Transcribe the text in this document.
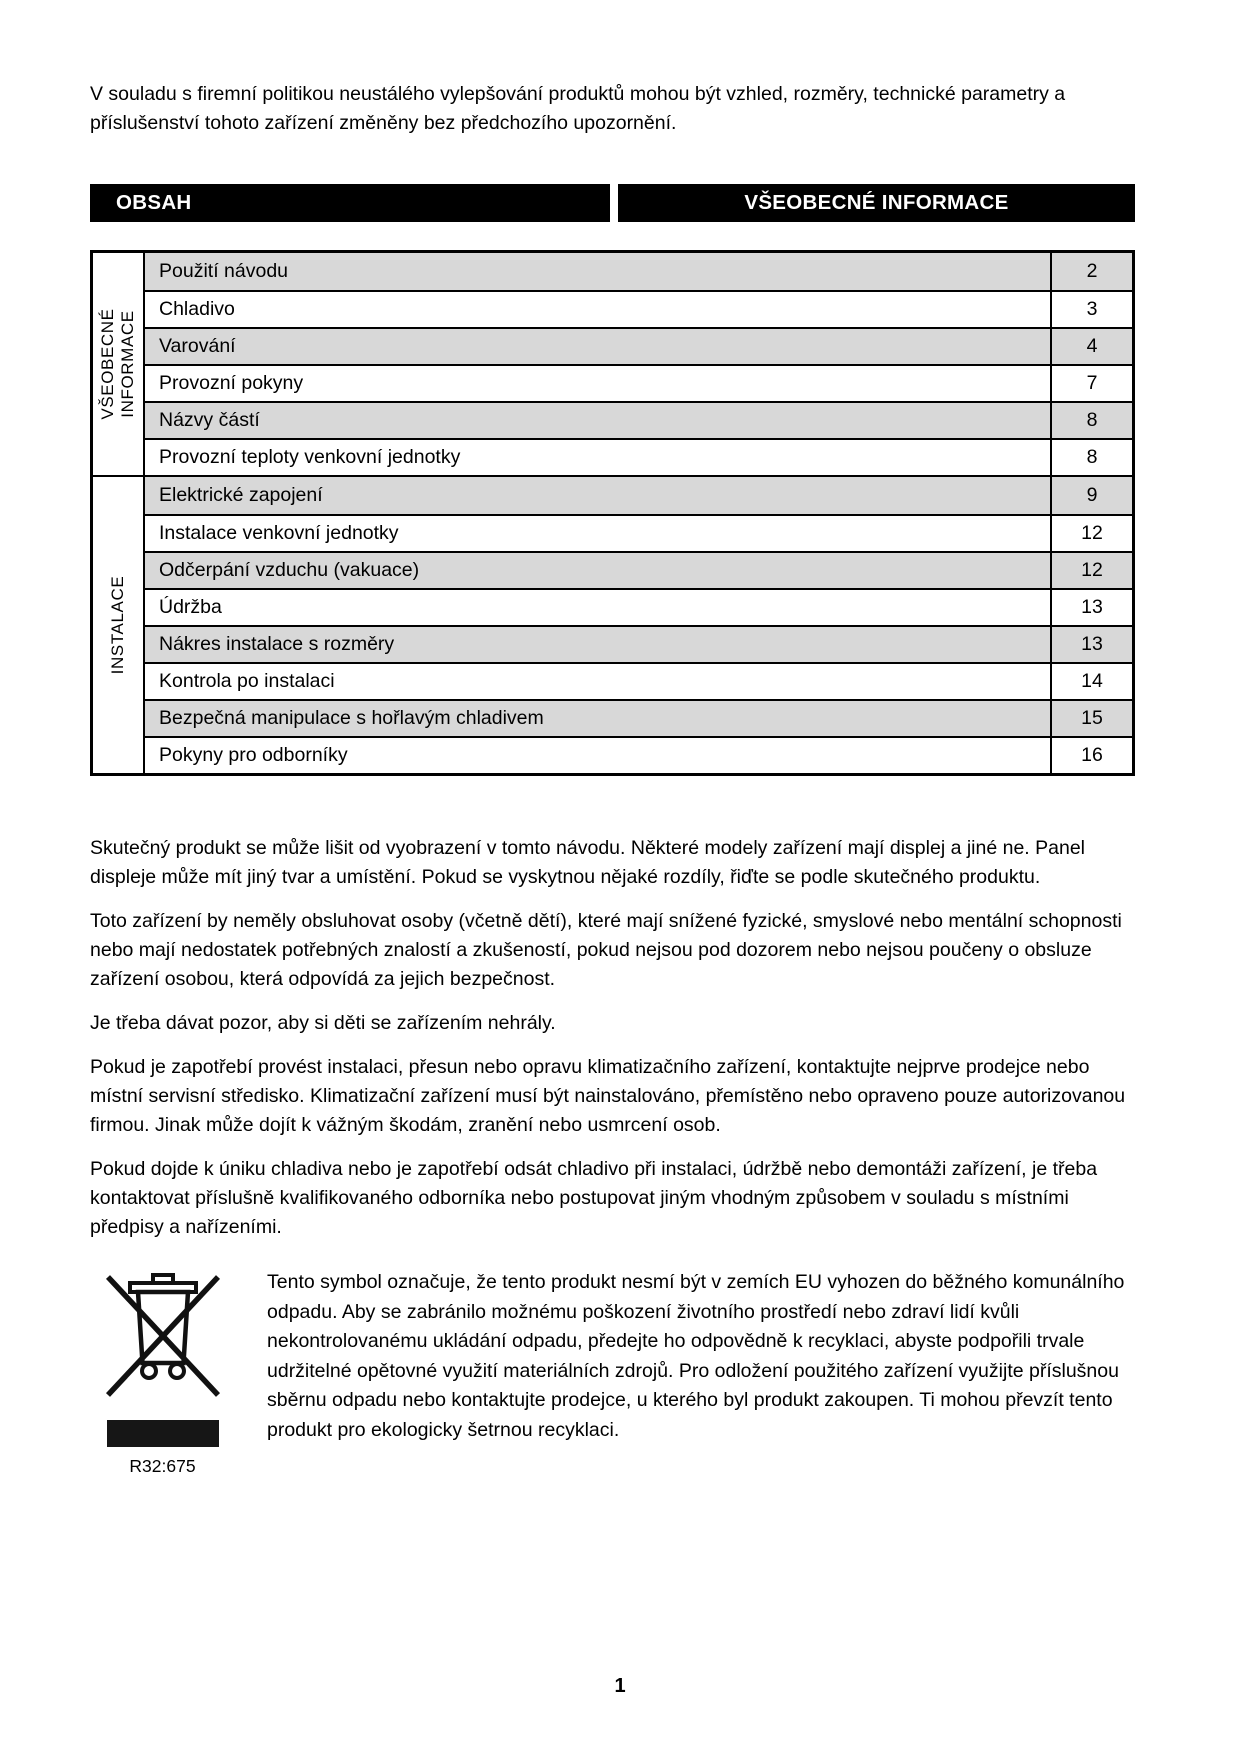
V souladu s firemní politikou neustálého vylepšování produktů mohou být vzhled, rozměry, technické parametry a příslušenství tohoto zařízení změněny bez předchozího upozornění.

OBSAH	VŠEOBECNÉ INFORMACE
VŠEOBECNÉ INFORMACE
Použití návodu	2
Chladivo	3
Varování	4
Provozní pokyny	7
Názvy částí	8
Provozní teploty venkovní jednotky	8
INSTALACE
Elektrické zapojení	9
Instalace venkovní jednotky	12
Odčerpání vzduchu (vakuace)	12
Údržba	13
Nákres instalace s rozměry	13
Kontrola po instalaci	14
Bezpečná manipulace s hořlavým chladivem	15
Pokyny pro odborníky	16

Skutečný produkt se může lišit od vyobrazení v tomto návodu. Některé modely zařízení mají displej a jiné ne. Panel displeje může mít jiný tvar a umístění. Pokud se vyskytnou nějaké rozdíly, řiďte se podle skutečného produktu.

Toto zařízení by neměly obsluhovat osoby (včetně dětí), které mají snížené fyzické, smyslové nebo mentální schopnosti nebo mají nedostatek potřebných znalostí a zkušeností, pokud nejsou pod dozorem nebo nejsou poučeny o obsluze zařízení osobou, která odpovídá za jejich bezpečnost.

Je třeba dávat pozor, aby si děti se zařízením nehrály.

Pokud je zapotřebí provést instalaci, přesun nebo opravu klimatizačního zařízení, kontaktujte nejprve prodejce nebo místní servisní středisko. Klimatizační zařízení musí být nainstalováno, přemístěno nebo opraveno pouze autorizovanou firmou. Jinak může dojít k vážným škodám, zranění nebo usmrcení osob.

Pokud dojde k úniku chladiva nebo je zapotřebí odsát chladivo při instalaci, údržbě nebo demontáži zařízení, je třeba kontaktovat příslušně kvalifikovaného odborníka nebo postupovat jiným vhodným způsobem v souladu s místními předpisy a nařízeními.

R32:675

Tento symbol označuje, že tento produkt nesmí být v zemích EU vyhozen do běžného komunálního odpadu. Aby se zabránilo možnému poškození životního prostředí nebo zdraví lidí kvůli nekontrolovanému ukládání odpadu, předejte ho odpovědně k recyklaci, abyste podpořili trvale udržitelné opětovné využití materiálních zdrojů. Pro odložení použitého zařízení využijte příslušnou sběrnu odpadu nebo kontaktujte prodejce, u kterého byl produkt zakoupen. Ti mohou převzít tento produkt pro ekologicky šetrnou recyklaci.

1
